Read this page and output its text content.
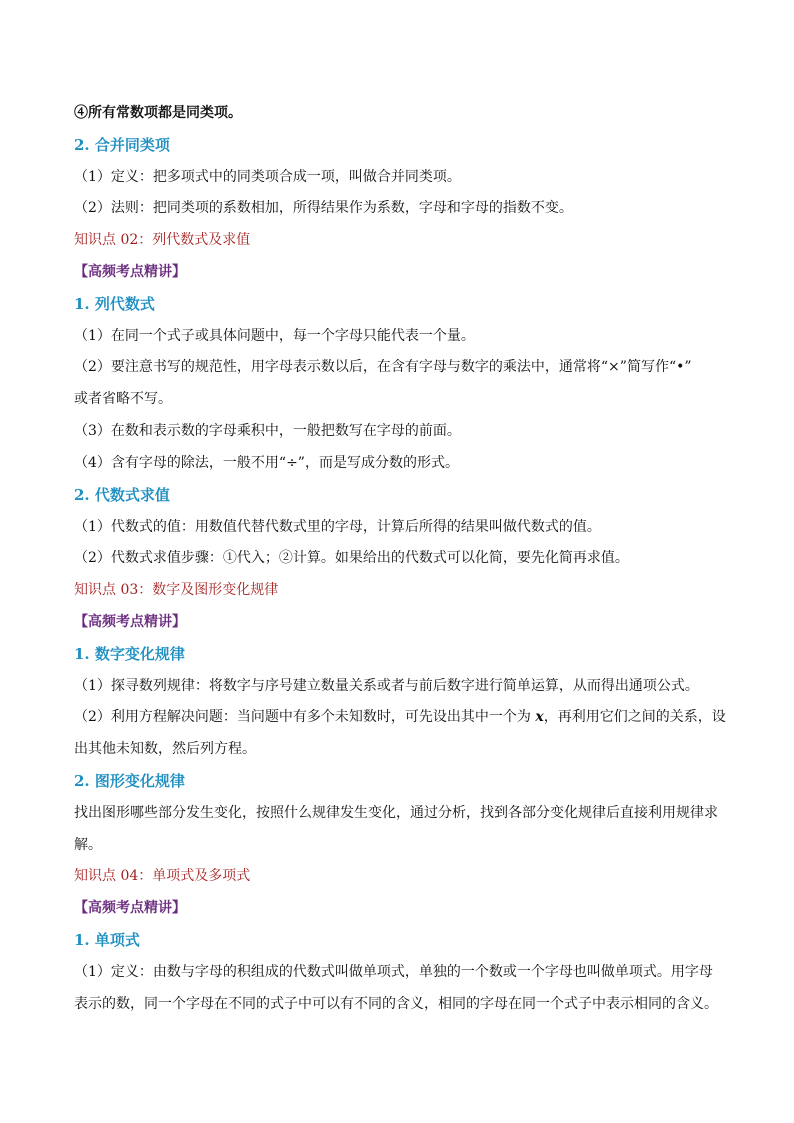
④所有常数项都是同类项。
2. 合并同类项
（1）定义：把多项式中的同类项合成一项，叫做合并同类项。
（2）法则：把同类项的系数相加，所得结果作为系数，字母和字母的指数不变。
知识点 02：列代数式及求值
【高频考点精讲】
1. 列代数式
（1）在同一个式子或具体问题中，每一个字母只能代表一个量。
（2）要注意书写的规范性，用字母表示数以后，在含有字母与数字的乘法中，通常将“×”简写作“•”
或者省略不写。
（3）在数和表示数的字母乘积中，一般把数写在字母的前面。
（4）含有字母的除法，一般不用“÷”，而是写成分数的形式。
2. 代数式求值
（1）代数式的值：用数值代替代数式里的字母，计算后所得的结果叫做代数式的值。
（2）代数式求值步骤：①代入；②计算。如果给出的代数式可以化简，要先化简再求值。
知识点 03：数字及图形变化规律
【高频考点精讲】
1. 数字变化规律
（1）探寻数列规律：将数字与序号建立数量关系或者与前后数字进行简单运算，从而得出通项公式。
（2）利用方程解决问题：当问题中有多个未知数时，可先设出其中一个为 x，再利用它们之间的关系，设
出其他未知数，然后列方程。
2. 图形变化规律
找出图形哪些部分发生变化，按照什么规律发生变化，通过分析，找到各部分变化规律后直接利用规律求解。
知识点 04：单项式及多项式
【高频考点精讲】
1. 单项式
（1）定义：由数与字母的积组成的代数式叫做单项式，单独的一个数或一个字母也叫做单项式。用字母表示的数，同一个字母在不同的式子中可以有不同的含义，相同的字母在同一个式子中表示相同的含义。
